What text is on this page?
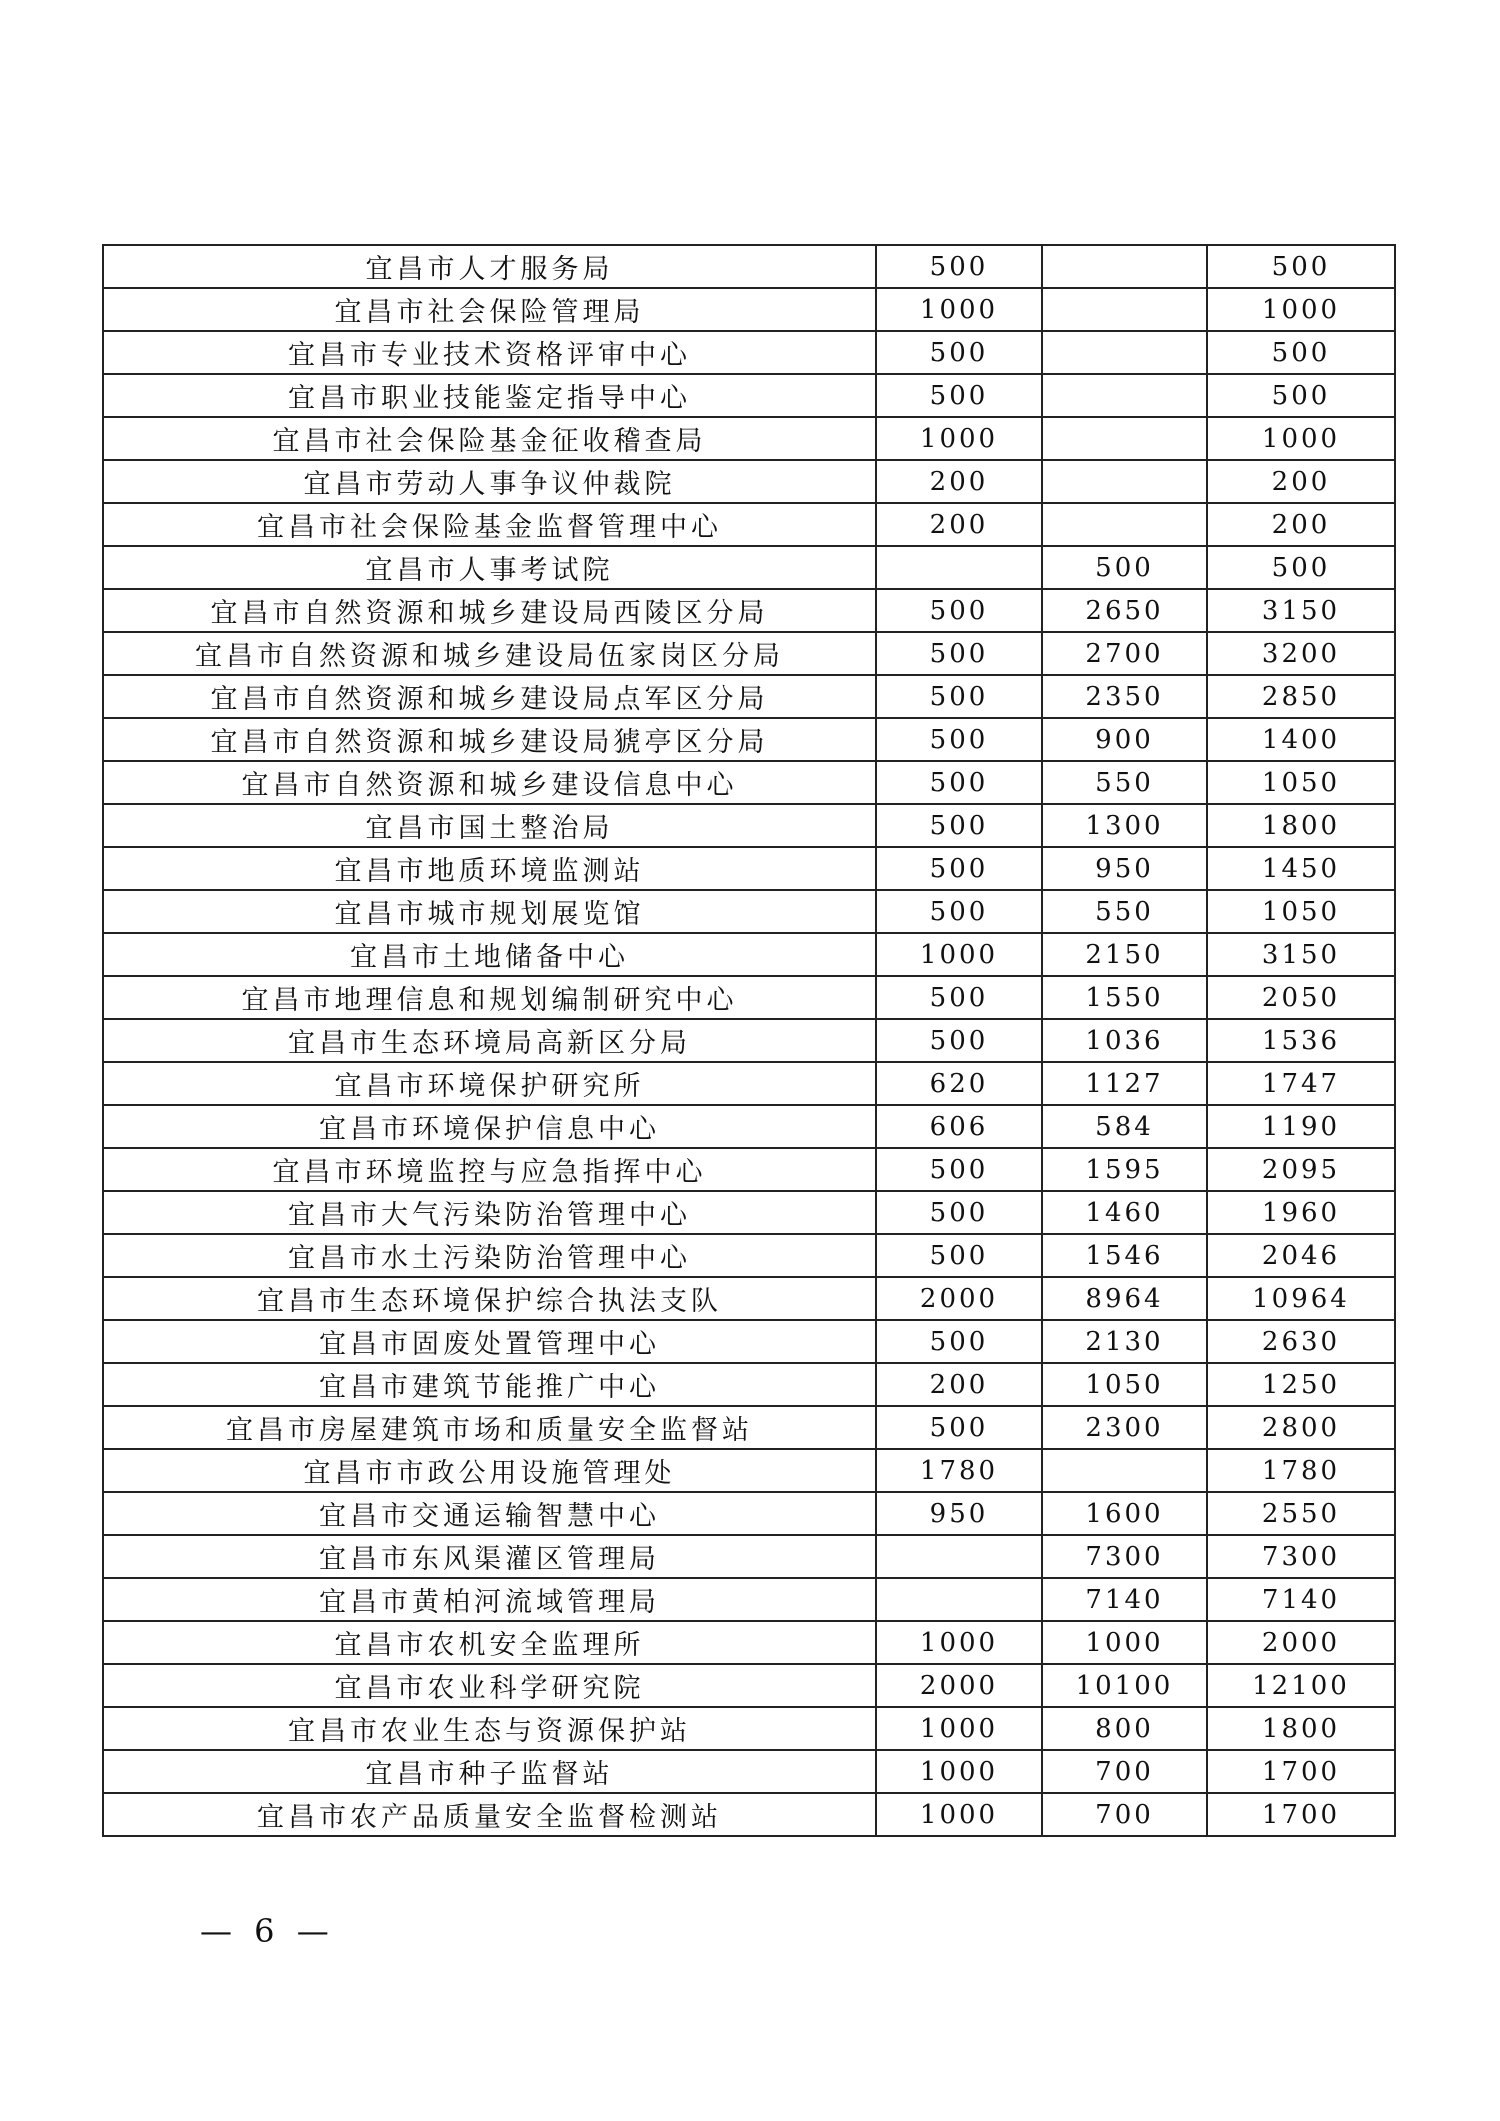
宜昌市人才服务局	500		500
宜昌市社会保险管理局	1000		1000
宜昌市专业技术资格评审中心	500		500
宜昌市职业技能鉴定指导中心	500		500
宜昌市社会保险基金征收稽查局	1000		1000
宜昌市劳动人事争议仲裁院	200		200
宜昌市社会保险基金监督管理中心	200		200
宜昌市人事考试院		500	500
宜昌市自然资源和城乡建设局西陵区分局	500	2650	3150
宜昌市自然资源和城乡建设局伍家岗区分局	500	2700	3200
宜昌市自然资源和城乡建设局点军区分局	500	2350	2850
宜昌市自然资源和城乡建设局猇亭区分局	500	900	1400
宜昌市自然资源和城乡建设信息中心	500	550	1050
宜昌市国土整治局	500	1300	1800
宜昌市地质环境监测站	500	950	1450
宜昌市城市规划展览馆	500	550	1050
宜昌市土地储备中心	1000	2150	3150
宜昌市地理信息和规划编制研究中心	500	1550	2050
宜昌市生态环境局高新区分局	500	1036	1536
宜昌市环境保护研究所	620	1127	1747
宜昌市环境保护信息中心	606	584	1190
宜昌市环境监控与应急指挥中心	500	1595	2095
宜昌市大气污染防治管理中心	500	1460	1960
宜昌市水土污染防治管理中心	500	1546	2046
宜昌市生态环境保护综合执法支队	2000	8964	10964
宜昌市固废处置管理中心	500	2130	2630
宜昌市建筑节能推广中心	200	1050	1250
宜昌市房屋建筑市场和质量安全监督站	500	2300	2800
宜昌市市政公用设施管理处	1780		1780
宜昌市交通运输智慧中心	950	1600	2550
宜昌市东风渠灌区管理局		7300	7300
宜昌市黄柏河流域管理局		7140	7140
宜昌市农机安全监理所	1000	1000	2000
宜昌市农业科学研究院	2000	10100	12100
宜昌市农业生态与资源保护站	1000	800	1800
宜昌市种子监督站	1000	700	1700
宜昌市农产品质量安全监督检测站	1000	700	1700
— 6 —
